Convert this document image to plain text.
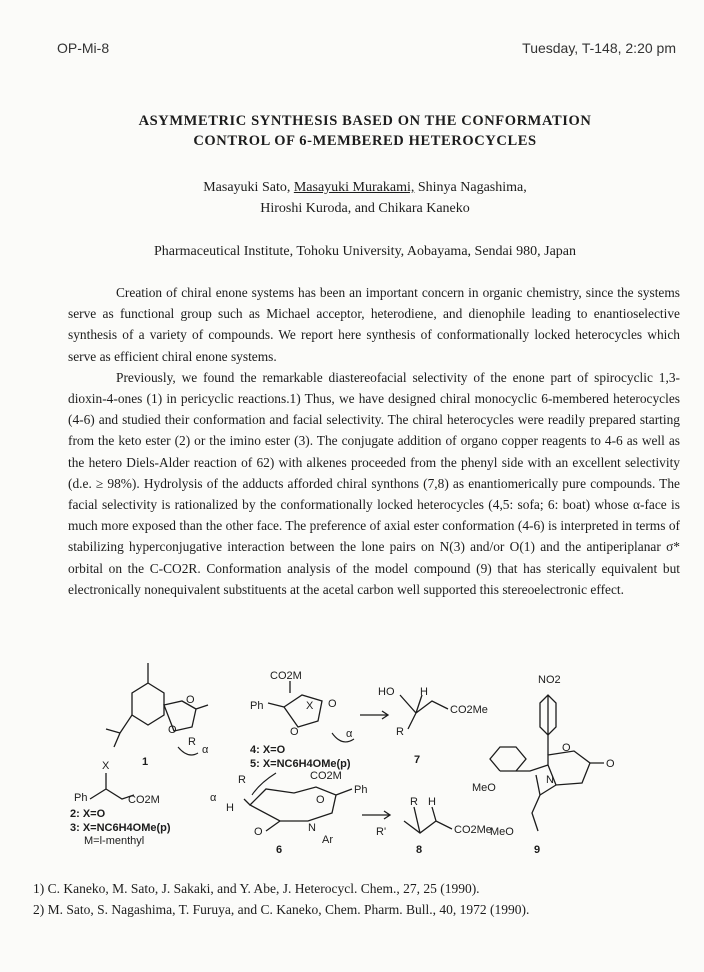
OP-Mi-8	Tuesday, T-148, 2:20 pm
ASYMMETRIC SYNTHESIS BASED ON THE CONFORMATION
CONTROL OF 6-MEMBERED HETEROCYCLES
Masayuki Sato, Masayuki Murakami, Shinya Nagashima,
Hiroshi Kuroda, and Chikara Kaneko
Pharmaceutical Institute, Tohoku University, Aobayama, Sendai 980, Japan

Creation of chiral enone systems has been an important concern in organic chemistry, since the systems serve as functional group such as Michael acceptor, heterodiene, and dienophile leading to enantioselective synthesis of a variety of compounds. We report here synthesis of conformationally locked heterocycles which serve as efficient chiral enone systems.

Previously, we found the remarkable diastereofacial selectivity of the enone part of spirocyclic 1,3-dioxin-4-ones (1) in pericyclic reactions.1) Thus, we have designed chiral monocyclic 6-membered heterocycles (4-6) and studied their conformation and facial selectivity. The chiral heterocycles were readily prepared starting from the keto ester (2) or the imino ester (3). The conjugate addition of organo copper reagents to 4-6 as well as the hetero Diels-Alder reaction of 62) with alkenes proceeded from the phenyl side with an excellent selectivity (d.e. ≥ 98%). Hydrolysis of the adducts afforded chiral synthons (7,8) as enantiomerically pure compounds. The facial selectivity is rationalized by the conformationally locked heterocycles (4,5: sofa; 6: boat) whose α-face is much more exposed than the other face. The preference of axial ester conformation (4-6) is interpreted in terms of stabilizing hyperconjugative interaction between the lone pairs on N(3) and/or O(1) and the antiperiplanar σ* orbital on the C-CO2R. Conformation analysis of the model compound (9) that has sterically equivalent but electronically nonequivalent substituents at the acetal carbon well supported this stereoelectronic effect.

1
α
O
O
R
CO2M
Ph	X O
O	α
4: X=O
5: X=NC6H4OMe(p)
HO H
CO2Me
R
7
NO2
MeO
MeO
O
N
O
9
X
Ph	CO2M
2: X=O
3: X=NC6H4OMe(p)
M=l-menthyl
R
H
α
CO2M
Ph
O
N
Ar
O
6
R H
R'	CO2Me
8
1) C. Kaneko, M. Sato, J. Sakaki, and Y. Abe, J. Heterocycl. Chem., 27, 25 (1990).
2) M. Sato, S. Nagashima, T. Furuya, and C. Kaneko, Chem. Pharm. Bull., 40, 1972 (1990).
